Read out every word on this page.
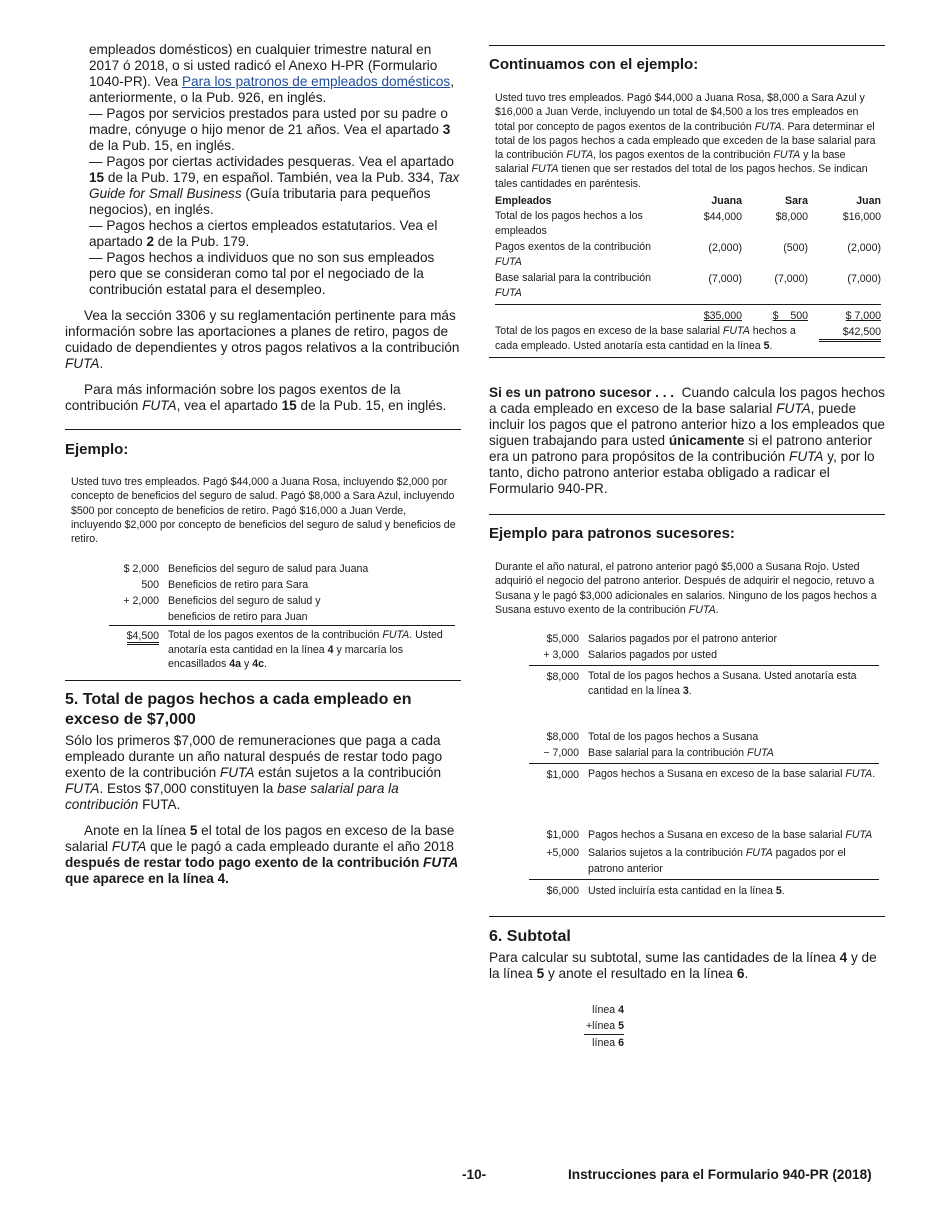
empleados domésticos) en cualquier trimestre natural en 2017 ó 2018, o si usted radicó el Anexo H-PR (Formulario 1040-PR). Vea Para los patronos de empleados domésticos, anteriormente, o la Pub. 926, en inglés.

— Pagos por servicios prestados para usted por su padre o madre, cónyuge o hijo menor de 21 años. Vea el apartado 3 de la Pub. 15, en inglés.

— Pagos por ciertas actividades pesqueras. Vea el apartado 15 de la Pub. 179, en español. También, vea la Pub. 334, Tax Guide for Small Business (Guía tributaria para pequeños negocios), en inglés.

— Pagos hechos a ciertos empleados estatutarios. Vea el apartado 2 de la Pub. 179.

— Pagos hechos a individuos que no son sus empleados pero que se consideran como tal por el negociado de la contribución estatal para el desempleo.

Vea la sección 3306 y su reglamentación pertinente para más información sobre las aportaciones a planes de retiro, pagos de cuidado de dependientes y otros pagos relativos a la contribución FUTA.

Para más información sobre los pagos exentos de la contribución FUTA, vea el apartado 15 de la Pub. 15, en inglés.

Ejemplo:

Usted tuvo tres empleados. Pagó $44,000 a Juana Rosa, incluyendo $2,000 por concepto de beneficios del seguro de salud. Pagó $8,000 a Sara Azul, incluyendo $500 por concepto de beneficios de retiro. Pagó $16,000 a Juan Verde, incluyendo $2,000 por concepto de beneficios del seguro de salud y beneficios de retiro.

$ 2,000	Beneficios del seguro de salud para Juana
500	Beneficios de retiro para Sara
+ 2,000	Beneficios del seguro de salud y
	beneficios de retiro para Juan
$4,500	Total de los pagos exentos de la contribución FUTA. Usted anotaría esta cantidad en la línea 4 y marcaría los encasillados 4a y 4c.
5. Total de pagos hechos a cada empleado en exceso de $7,000

Sólo los primeros $7,000 de remuneraciones que paga a cada empleado durante un año natural después de restar todo pago exento de la contribución FUTA están sujetos a la contribución FUTA. Estos $7,000 constituyen la base salarial para la contribución FUTA.

Anote en la línea 5 el total de los pagos en exceso de la base salarial FUTA que le pagó a cada empleado durante el año 2018 después de restar todo pago exento de la contribución FUTA que aparece en la línea 4.

Continuamos con el ejemplo:

Usted tuvo tres empleados. Pagó $44,000 a Juana Rosa, $8,000 a Sara Azul y $16,000 a Juan Verde, incluyendo un total de $4,500 a los tres empleados en total por concepto de pagos exentos de la contribución FUTA. Para determinar el total de los pagos hechos a cada empleado que exceden de la base salarial para la contribución FUTA, los pagos exentos de la contribución FUTA y la base salarial FUTA tienen que ser restados del total de los pagos hechos. Se indican tales cantidades en paréntesis.

Empleados	Juana	Sara	Juan
Total de los pagos hechos a los empleados	$44,000	$8,000	$16,000
Pagos exentos de la contribución FUTA	(2,000)	(500)	(2,000)
Base salarial para la contribución FUTA	(7,000)	(7,000)	(7,000)
	$35,000	$    500	$ 7,000
Total de los pagos en exceso de la base salarial FUTA hechos a cada empleado. Usted anotaría esta cantidad en la línea 5.			$42,500

Si es un patrono sucesor . . .  Cuando calcula los pagos hechos a cada empleado en exceso de la base salarial FUTA, puede incluir los pagos que el patrono anterior hizo a los empleados que siguen trabajando para usted únicamente si el patrono anterior era un patrono para propósitos de la contribución FUTA y, por lo tanto, dicho patrono anterior estaba obligado a radicar el Formulario 940-PR.

Ejemplo para patronos sucesores:

Durante el año natural, el patrono anterior pagó $5,000 a Susana Rojo. Usted adquirió el negocio del patrono anterior. Después de adquirir el negocio, retuvo a Susana y le pagó $3,000 adicionales en salarios. Ninguno de los pagos hechos a Susana estuvo exento de la contribución FUTA.

$5,000	Salarios pagados por el patrono anterior
+ 3,000	Salarios pagados por usted
$8,000	Total de los pagos hechos a Susana. Usted anotaría esta cantidad en la línea 3.
$8,000	Total de los pagos hechos a Susana
− 7,000	Base salarial para la contribución FUTA
$1,000	Pagos hechos a Susana en exceso de la base salarial FUTA.
$1,000	Pagos hechos a Susana en exceso de la base salarial FUTA
+5,000	Salarios sujetos a la contribución FUTA pagados por el patrono anterior
$6,000	Usted incluiría esta cantidad en la línea 5.
6. Subtotal

Para calcular su subtotal, sume las cantidades de la línea 4 y de la línea 5 y anote el resultado en la línea 6.

línea 4
+línea 5
línea 6
-10-	Instrucciones para el Formulario 940-PR (2018)
